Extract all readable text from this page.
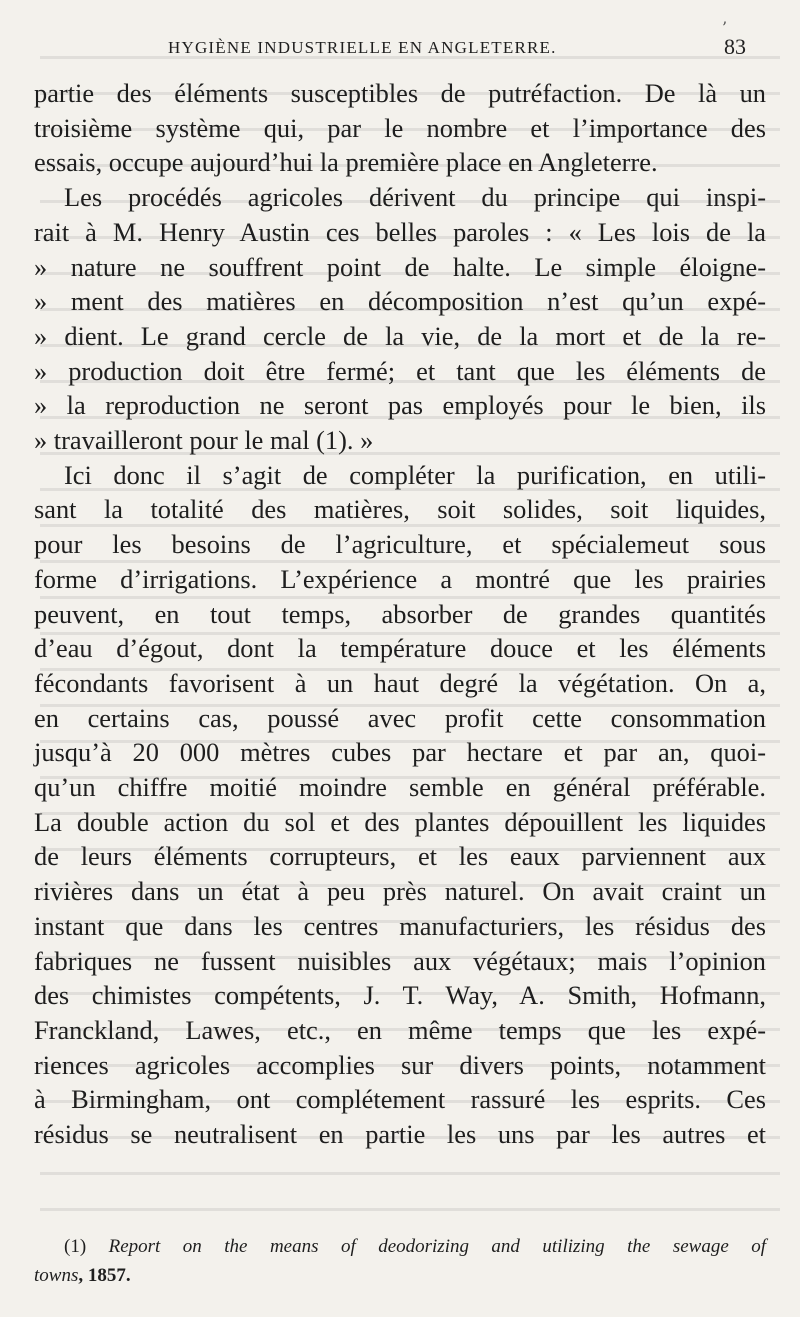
’
HYGIÈNE INDUSTRIELLE EN ANGLETERRE.	83
partie des éléments susceptibles de putréfaction. De là un
troisième système qui, par le nombre et l’importance des
essais, occupe aujourd’hui la première place en Angleterre.
Les procédés agricoles dérivent du principe qui inspi-
rait à M. Henry Austin ces belles paroles : « Les lois de la
» nature ne souffrent point de halte. Le simple éloigne-
» ment des matières en décomposition n’est qu’un expé-
» dient. Le grand cercle de la vie, de la mort et de la re-
» production doit être fermé; et tant que les éléments de
» la reproduction ne seront pas employés pour le bien, ils
» travailleront pour le mal (1). »
Ici donc il s’agit de compléter la purification, en utili-
sant la totalité des matières, soit solides, soit liquides,
pour les besoins de l’agriculture, et spécialemeut sous
forme d’irrigations. L’expérience a montré que les prairies
peuvent, en tout temps, absorber de grandes quantités
d’eau d’égout, dont la température douce et les éléments
fécondants favorisent à un haut degré la végétation. On a,
en certains cas, poussé avec profit cette consommation
jusqu’à 20 000 mètres cubes par hectare et par an, quoi-
qu’un chiffre moitié moindre semble en général préférable.
La double action du sol et des plantes dépouillent les liquides
de leurs éléments corrupteurs, et les eaux parviennent aux
rivières dans un état à peu près naturel. On avait craint un
instant que dans les centres manufacturiers, les résidus des
fabriques ne fussent nuisibles aux végétaux; mais l’opinion
des chimistes compétents, J. T. Way, A. Smith, Hofmann,
Franckland, Lawes, etc., en même temps que les expé-
riences agricoles accomplies sur divers points, notamment
à Birmingham, ont complétement rassuré les esprits. Ces
résidus se neutralisent en partie les uns par les autres et
(1) Report on the means of deodorizing and utilizing the sewage of
towns, 1857.
